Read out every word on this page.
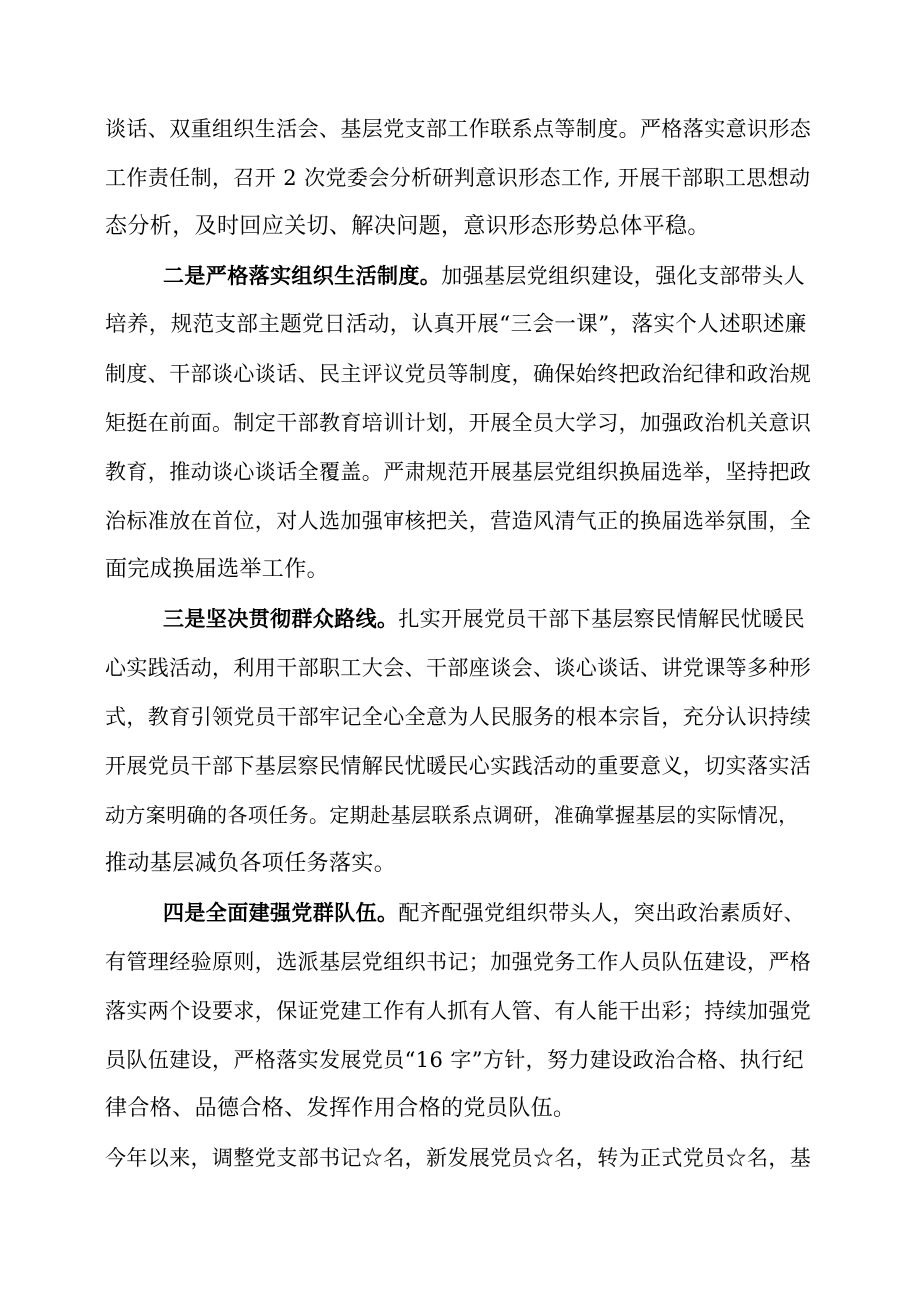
谈话、双重组织生活会、基层党支部工作联系点等制度。严格落实意识形态
工作责任制，召开 2 次党委会分析研判意识形态工作, 开展干部职工思想动
态分析，及时回应关切、解决问题，意识形态形势总体平稳。
二是严格落实组织生活制度。加强基层党组织建设，强化支部带头人
培养，规范支部主题党日活动，认真开展“三会一课”，落实个人述职述廉
制度、干部谈心谈话、民主评议党员等制度，确保始终把政治纪律和政治规
矩挺在前面。制定干部教育培训计划，开展全员大学习，加强政治机关意识
教育，推动谈心谈话全覆盖。严肃规范开展基层党组织换届选举，坚持把政
治标准放在首位，对人选加强审核把关，营造风清气正的换届选举氛围，全
面完成换届选举工作。
三是坚决贯彻群众路线。扎实开展党员干部下基层察民情解民忧暖民
心实践活动，利用干部职工大会、干部座谈会、谈心谈话、讲党课等多种形
式，教育引领党员干部牢记全心全意为人民服务的根本宗旨，充分认识持续
开展党员干部下基层察民情解民忧暖民心实践活动的重要意义，切实落实活
动方案明确的各项任务。定期赴基层联系点调研，准确掌握基层的实际情况，
推动基层减负各项任务落实。
四是全面建强党群队伍。配齐配强党组织带头人，突出政治素质好、
有管理经验原则，选派基层党组织书记；加强党务工作人员队伍建设，严格
落实两个设要求，保证党建工作有人抓有人管、有人能干出彩；持续加强党
员队伍建设，严格落实发展党员“16 字”方针，努力建设政治合格、执行纪
律合格、品德合格、发挥作用合格的党员队伍。
今年以来，调整党支部书记☆名，新发展党员☆名，转为正式党员☆名，基
